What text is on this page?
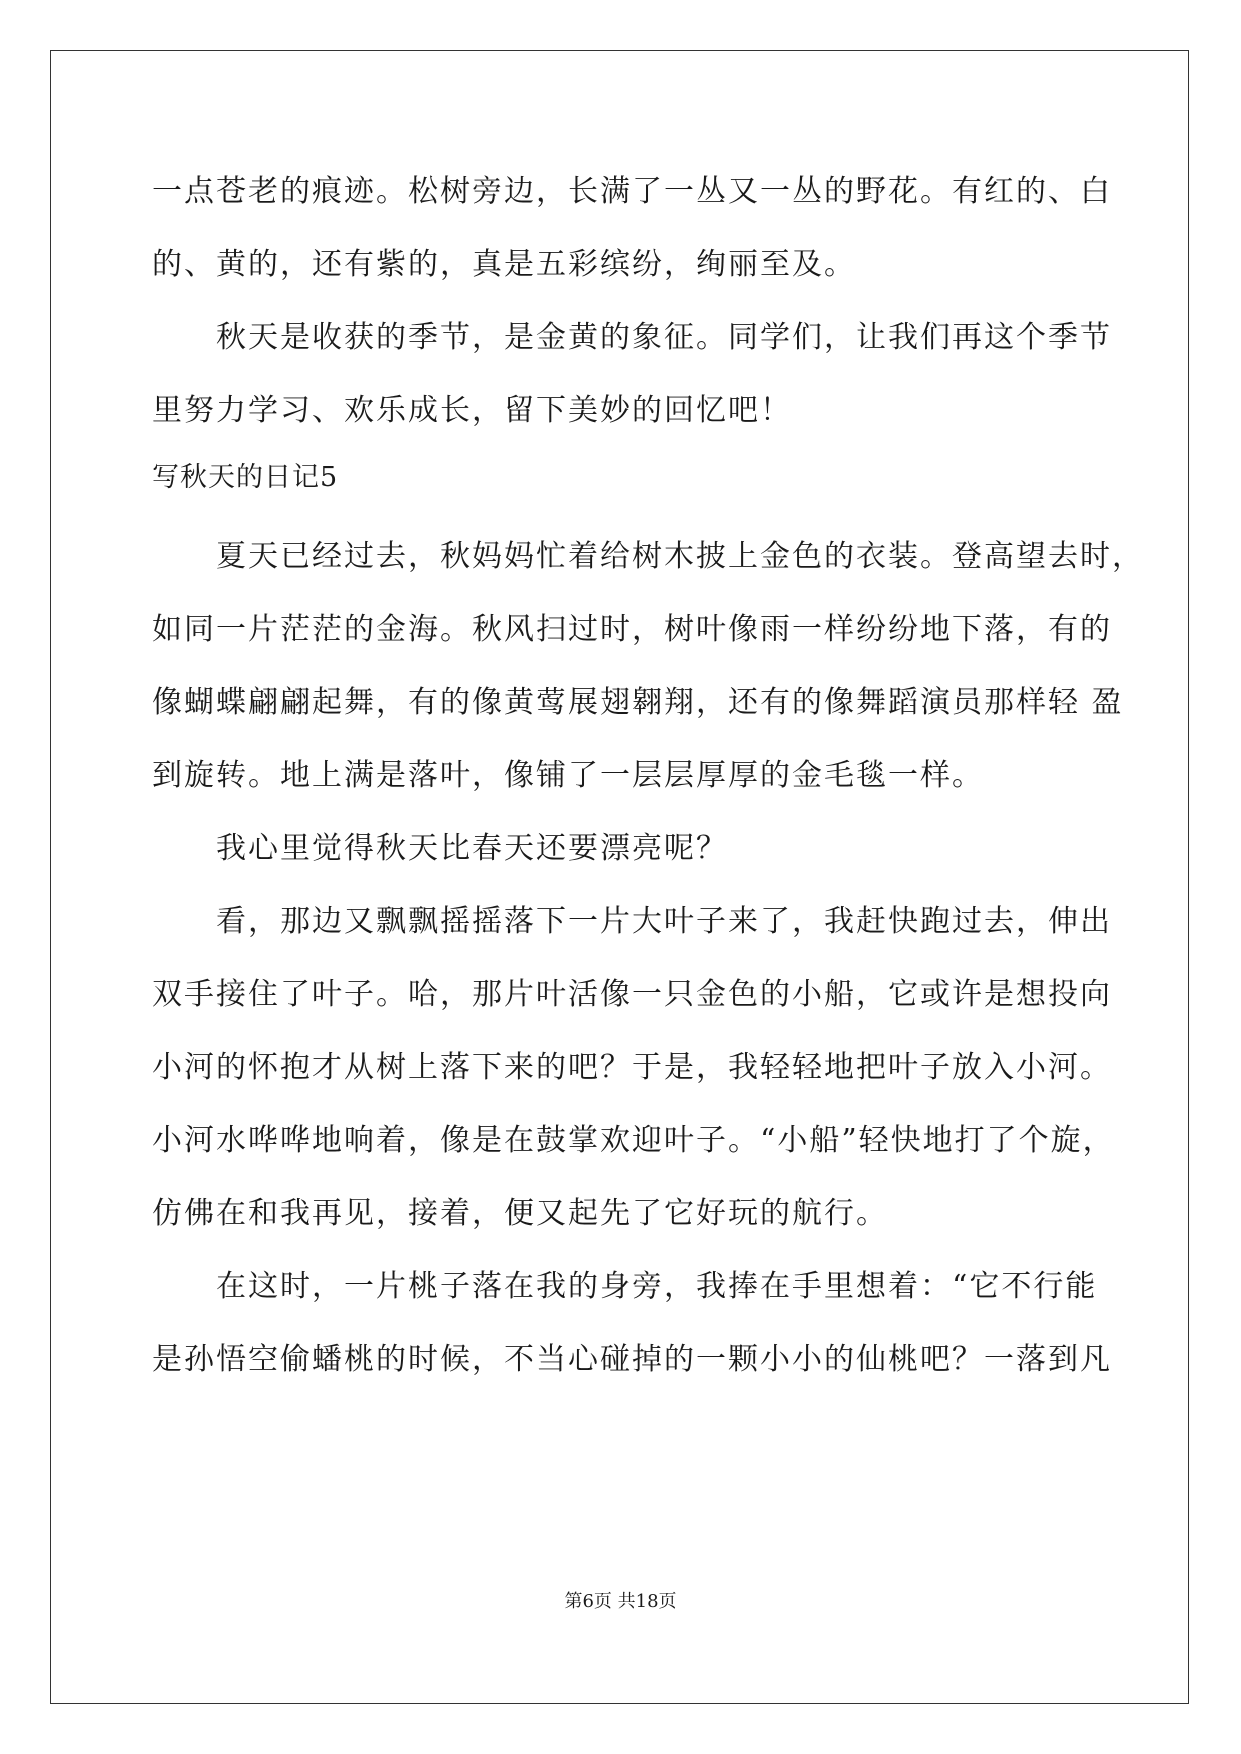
一点苍老的痕迹。松树旁边，长满了一丛又一丛的野花。有红的、白
的、黄的，还有紫的，真是五彩缤纷，绚丽至及。
秋天是收获的季节，是金黄的象征。同学们，让我们再这个季节
里努力学习、欢乐成长，留下美妙的回忆吧！
写秋天的日记5
夏天已经过去，秋妈妈忙着给树木披上金色的衣装。登高望去时，
如同一片茫茫的金海。秋风扫过时，树叶像雨一样纷纷地下落，有的
像蝴蝶翩翩起舞，有的像黄莺展翅翱翔，还有的像舞蹈演员那样轻 盈
到旋转。地上满是落叶，像铺了一层层厚厚的金毛毯一样。
我心里觉得秋天比春天还要漂亮呢？
看，那边又飘飘摇摇落下一片大叶子来了，我赶快跑过去，伸出
双手接住了叶子。哈，那片叶活像一只金色的小船，它或许是想投向
小河的怀抱才从树上落下来的吧？于是，我轻轻地把叶子放入小河。
小河水哗哗地响着，像是在鼓掌欢迎叶子。“小船”轻快地打了个旋，
仿佛在和我再见，接着，便又起先了它好玩的航行。
在这时，一片桃子落在我的身旁，我捧在手里想着：“它不行能
是孙悟空偷蟠桃的时候，不当心碰掉的一颗小小的仙桃吧？一落到凡
第6页 共18页
